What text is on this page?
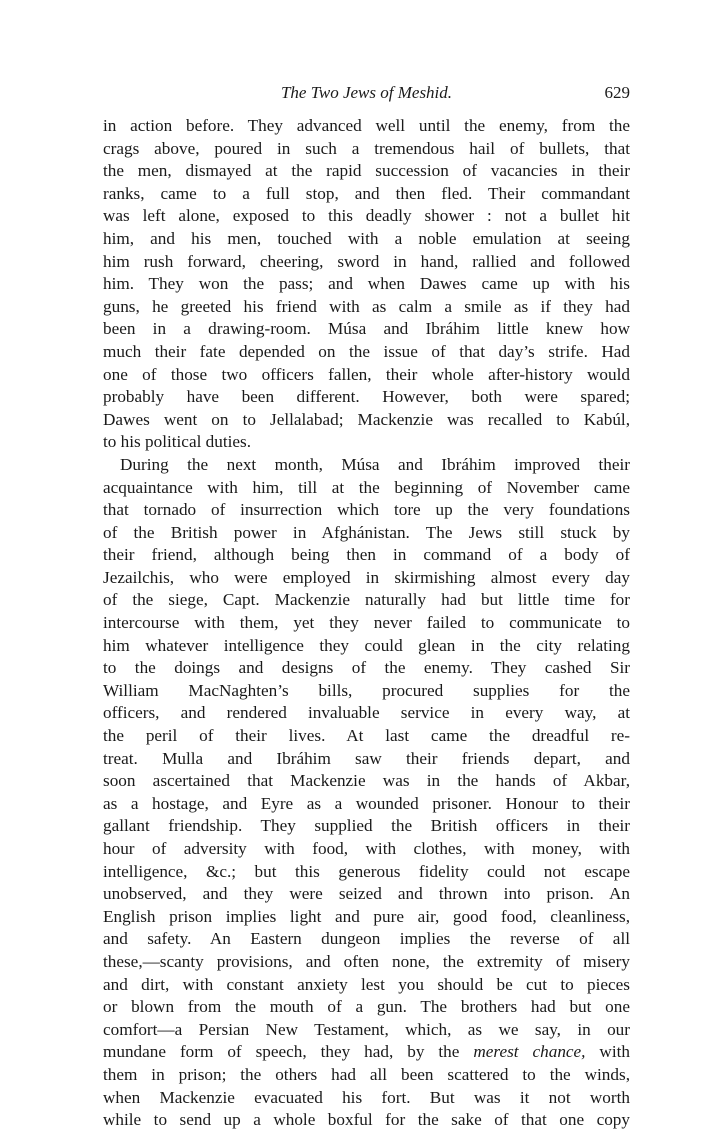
The Two Jews of Meshid.	629
in action before. They advanced well until the enemy, from the
crags above, poured in such a tremendous hail of bullets, that
the men, dismayed at the rapid succession of vacancies in their
ranks, came to a full stop, and then fled. Their commandant
was left alone, exposed to this deadly shower : not a bullet hit
him, and his men, touched with a noble emulation at seeing
him rush forward, cheering, sword in hand, rallied and followed
him. They won the pass; and when Dawes came up with his
guns, he greeted his friend with as calm a smile as if they had
been in a drawing-room. Músa and Ibráhim little knew how
much their fate depended on the issue of that day’s strife. Had
one of those two officers fallen, their whole after-history would
probably have been different. However, both were spared;
Dawes went on to Jellalabad; Mackenzie was recalled to Kabúl,
to his political duties.
During the next month, Músa and Ibráhim improved their
acquaintance with him, till at the beginning of November came
that tornado of insurrection which tore up the very foundations
of the British power in Afghánistan. The Jews still stuck by
their friend, although being then in command of a body of
Jezailchis, who were employed in skirmishing almost every day
of the siege, Capt. Mackenzie naturally had but little time for
intercourse with them, yet they never failed to communicate to
him whatever intelligence they could glean in the city relating
to the doings and designs of the enemy. They cashed Sir
William MacNaghten’s bills, procured supplies for the
officers, and rendered invaluable service in every way, at
the peril of their lives. At last came the dreadful re-
treat. Mulla and Ibráhim saw their friends depart, and
soon ascertained that Mackenzie was in the hands of Akbar,
as a hostage, and Eyre as a wounded prisoner. Honour to their
gallant friendship. They supplied the British officers in their
hour of adversity with food, with clothes, with money, with
intelligence, &c.; but this generous fidelity could not escape
unobserved, and they were seized and thrown into prison. An
English prison implies light and pure air, good food, cleanliness,
and safety. An Eastern dungeon implies the reverse of all
these,—scanty provisions, and often none, the extremity of misery
and dirt, with constant anxiety lest you should be cut to pieces
or blown from the mouth of a gun. The brothers had but one
comfort—a Persian New Testament, which, as we say, in our
mundane form of speech, they had, by the merest chance, with
them in prison; the others had all been scattered to the winds,
when Mackenzie evacuated his fort. But was it not worth
while to send up a whole boxful for the sake of that one copy
